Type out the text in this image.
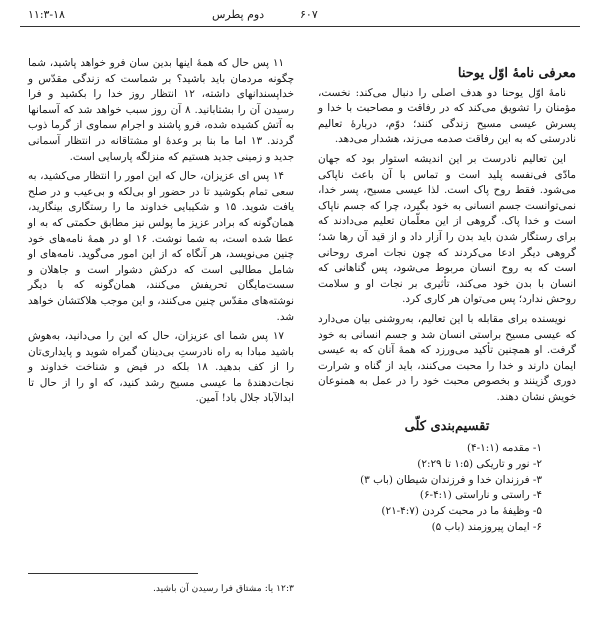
۱۱:۳-۱۸	دوم پطرس	۶۰۷

۱۱ پس حال که همهٔ اینها بدین سان فرو خواهد پاشید، شما چگونه مردمان باید باشید؟ بر شماست که زندگی مقدّس و خداپسندانهای داشته، ۱۲ انتظار روز خدا را بکشید و فرا رسیدن آن را بشتابانید. ۸ آن روز سبب خواهد شد که آسمانها به آتش کشیده شده، فرو پاشند و اجرام سماوی از گرما ذوب گردند. ۱۳ اما ما بنا بر وعدهٔ او مشتاقانه در انتظار آسمانی جدید و زمینی جدید هستیم که منزلگه پارسایی است.

۱۴ پس ای عزیزان، حال که این امور را انتظار می‌کشید، به سعی تمام بکوشید تا در حضور او بی‌لکه و بی‌عیب و در صلح یافت شوید. ۱۵ و شکیبایی خداوند ما را رستگاری بینگارید، همان‌گونه که برادر عزیز ما پولس نیز مطابق حکمتی که به او عطا شده است، به شما نوشت. ۱۶ او در همهٔ نامه‌های خود چنین می‌نویسد، هر آنگاه که از این امور می‌گوید. نامه‌های او شامل مطالبی است که درکش دشوار است و جاهلان و سست‌مایگان تحریفش می‌کنند، همان‌گونه که با دیگر نوشته‌های مقدّس چنین می‌کنند، و این موجب هلاکتشان خواهد شد.

۱۷ پس شما ای عزیزان، حال که این را می‌دانید، به‌هوش باشید مبادا به راه نادرستِ بی‌دینان گمراه شوید و پایداری‌تان را از کف بدهید. ۱۸ بلکه در فیض و شناخت خداوند و نجات‌دهندهٔ ما عیسی مسیح رشد کنید، که او را از حال تا ابدالآباد جلال باد! آمین.

معرفی نامهٔ اوّل یوحنا

نامهٔ اوّل یوحنا دو هدف اصلی را دنبال می‌کند: نخست، مؤمنان را تشویق می‌کند که در رفاقت و مصاحبت با خدا و پسرش عیسی مسیح زندگی کنند؛ دوّم، دربارهٔ تعالیم نادرستی که به این رفاقت صدمه می‌زند، هشدار می‌دهد.

این تعالیم نادرست بر این اندیشه استوار بود که جهان مادّی فی‌نفسه پلید است و تماس با آن باعث ناپاکی می‌شود. فقط روح پاک است. لذا عیسی مسیح، پسر خدا، نمی‌توانست جسم انسانی به خود بگیرد، چرا که جسم ناپاک است و خدا پاک. گروهی از این معلّمان تعلیم می‌دادند که برای رستگار شدن باید بدن را آزار داد و از قید آن رها شد؛ گروهی دیگر ادعا می‌کردند که چون نجات امری روحانی است که به روح انسان مربوط می‌شود، پس گناهانی که انسان با بدن خود می‌کند، تأثیری بر نجات او و سلامت روحش ندارد؛ پس می‌توان هر کاری کرد.

نویسنده برای مقابله با این تعالیم، به‌روشنی بیان می‌دارد که عیسی مسیح براستی انسان شد و جسم انسانی به خود گرفت. او همچنین تأکید می‌ورزد که همهٔ آنان که به عیسی ایمان دارند و خدا را محبت می‌کنند، باید از گناه و شرارت دوری گزینند و بخصوص محبت خود را در عمل به همنوعان خویش نشان دهند.

تقسیم‌بندی کلّی
۱- مقدمه (۱:۱-۴)
۲- نور و تاریکی (۱:۵ تا ۲:۲۹)
۳- فرزندان خدا و فرزندان شیطان (باب ۳)
۴- راستی و ناراستی (۴:۱-۶)
۵- وظیفهٔ ما در محبت کردن (۴:۷-۲۱)
۶- ایمان پیروزمند (باب ۵)
۱۲:۳ یا: مشتاق فرا رسیدن آن باشید.
